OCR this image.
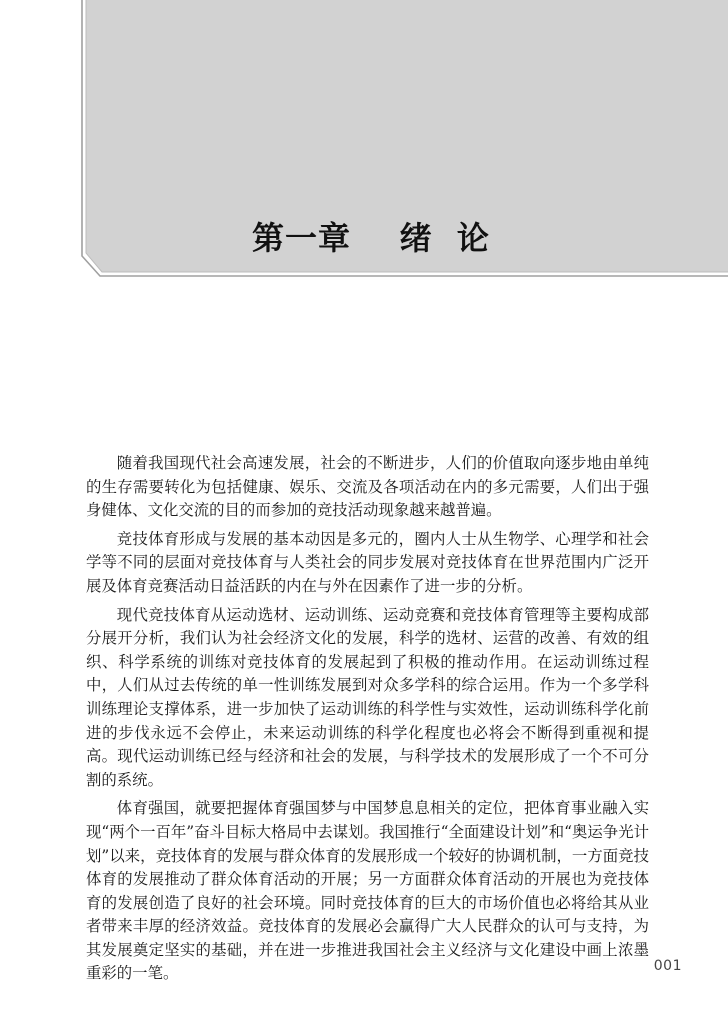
第一章    绪  论

随着我国现代社会高速发展，社会的不断进步，人们的价值取向逐步地由单纯的生存需要转化为包括健康、娱乐、交流及各项活动在内的多元需要，人们出于强身健体、文化交流的目的而参加的竞技活动现象越来越普遍。

竞技体育形成与发展的基本动因是多元的，圈内人士从生物学、心理学和社会学等不同的层面对竞技体育与人类社会的同步发展对竞技体育在世界范围内广泛开展及体育竞赛活动日益活跃的内在与外在因素作了进一步的分析。

现代竞技体育从运动选材、运动训练、运动竞赛和竞技体育管理等主要构成部分展开分析，我们认为社会经济文化的发展，科学的选材、运营的改善、有效的组织、科学系统的训练对竞技体育的发展起到了积极的推动作用。在运动训练过程中，人们从过去传统的单一性训练发展到对众多学科的综合运用。作为一个多学科训练理论支撑体系，进一步加快了运动训练的科学性与实效性，运动训练科学化前进的步伐永远不会停止，未来运动训练的科学化程度也必将会不断得到重视和提高。现代运动训练已经与经济和社会的发展，与科学技术的发展形成了一个不可分割的系统。

体育强国，就要把握体育强国梦与中国梦息息相关的定位，把体育事业融入实现“两个一百年”奋斗目标大格局中去谋划。我国推行“全面建设计划”和“奥运争光计划”以来，竞技体育的发展与群众体育的发展形成一个较好的协调机制，一方面竞技体育的发展推动了群众体育活动的开展；另一方面群众体育活动的开展也为竞技体育的发展创造了良好的社会环境。同时竞技体育的巨大的市场价值也必将给其从业者带来丰厚的经济效益。竞技体育的发展必会赢得广大人民群众的认可与支持，为其发展奠定坚实的基础，并在进一步推进我国社会主义经济与文化建设中画上浓墨重彩的一笔。	001
